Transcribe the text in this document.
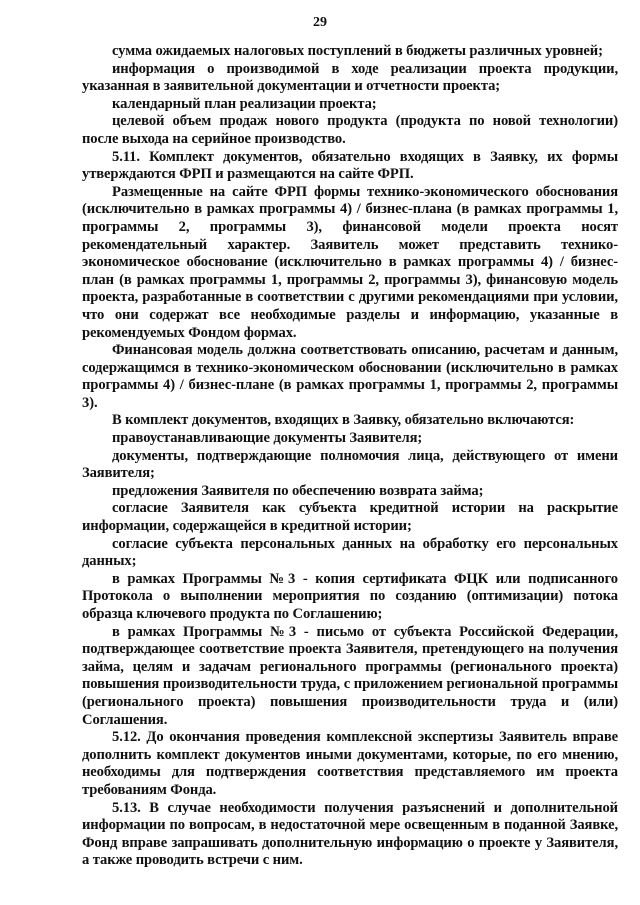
29

сумма ожидаемых налоговых поступлений в бюджеты различных уровней;

информация о производимой в ходе реализации проекта продукции, указанная в заявительной документации и отчетности проекта;

календарный план реализации проекта;

целевой объем продаж нового продукта (продукта по новой технологии) после выхода на серийное производство.

5.11. Комплект документов, обязательно входящих в Заявку, их формы утверждаются ФРП и размещаются на сайте ФРП.

Размещенные на сайте ФРП формы технико-экономического обоснования (исключительно в рамках программы 4) / бизнес-плана (в рамках программы 1, программы 2, программы 3), финансовой модели проекта носят рекомендательный характер. Заявитель может представить технико-экономическое обоснование (исключительно в рамках программы 4) / бизнес-план (в рамках программы 1, программы 2, программы 3), финансовую модель проекта, разработанные в соответствии с другими рекомендациями при условии, что они содержат все необходимые разделы и информацию, указанные в рекомендуемых Фондом формах.

Финансовая модель должна соответствовать описанию, расчетам и данным, содержащимся в технико-экономическом обосновании (исключительно в рамках программы 4) / бизнес-плане (в рамках программы 1, программы 2, программы 3).

В комплект документов, входящих в Заявку, обязательно включаются:

правоустанавливающие документы Заявителя;

документы, подтверждающие полномочия лица, действующего от имени Заявителя;

предложения Заявителя по обеспечению возврата займа;

согласие Заявителя как субъекта кредитной истории на раскрытие информации, содержащейся в кредитной истории;

согласие субъекта персональных данных на обработку его персональных данных;

в рамках Программы №3 - копия сертификата ФЦК или подписанного Протокола о выполнении мероприятия по созданию (оптимизации) потока образца ключевого продукта по Соглашению;

в рамках Программы №3 - письмо от субъекта Российской Федерации, подтверждающее соответствие проекта Заявителя, претендующего на получения займа, целям и задачам регионального программы (регионального проекта) повышения производительности труда, с приложением региональной программы (регионального проекта) повышения производительности труда и (или) Соглашения.

5.12. До окончания проведения комплексной экспертизы Заявитель вправе дополнить комплект документов иными документами, которые, по его мнению, необходимы для подтверждения соответствия представляемого им проекта требованиям Фонда.

5.13. В случае необходимости получения разъяснений и дополнительной информации по вопросам, в недостаточной мере освещенным в поданной Заявке, Фонд вправе запрашивать дополнительную информацию о проекте у Заявителя, а также проводить встречи с ним.
